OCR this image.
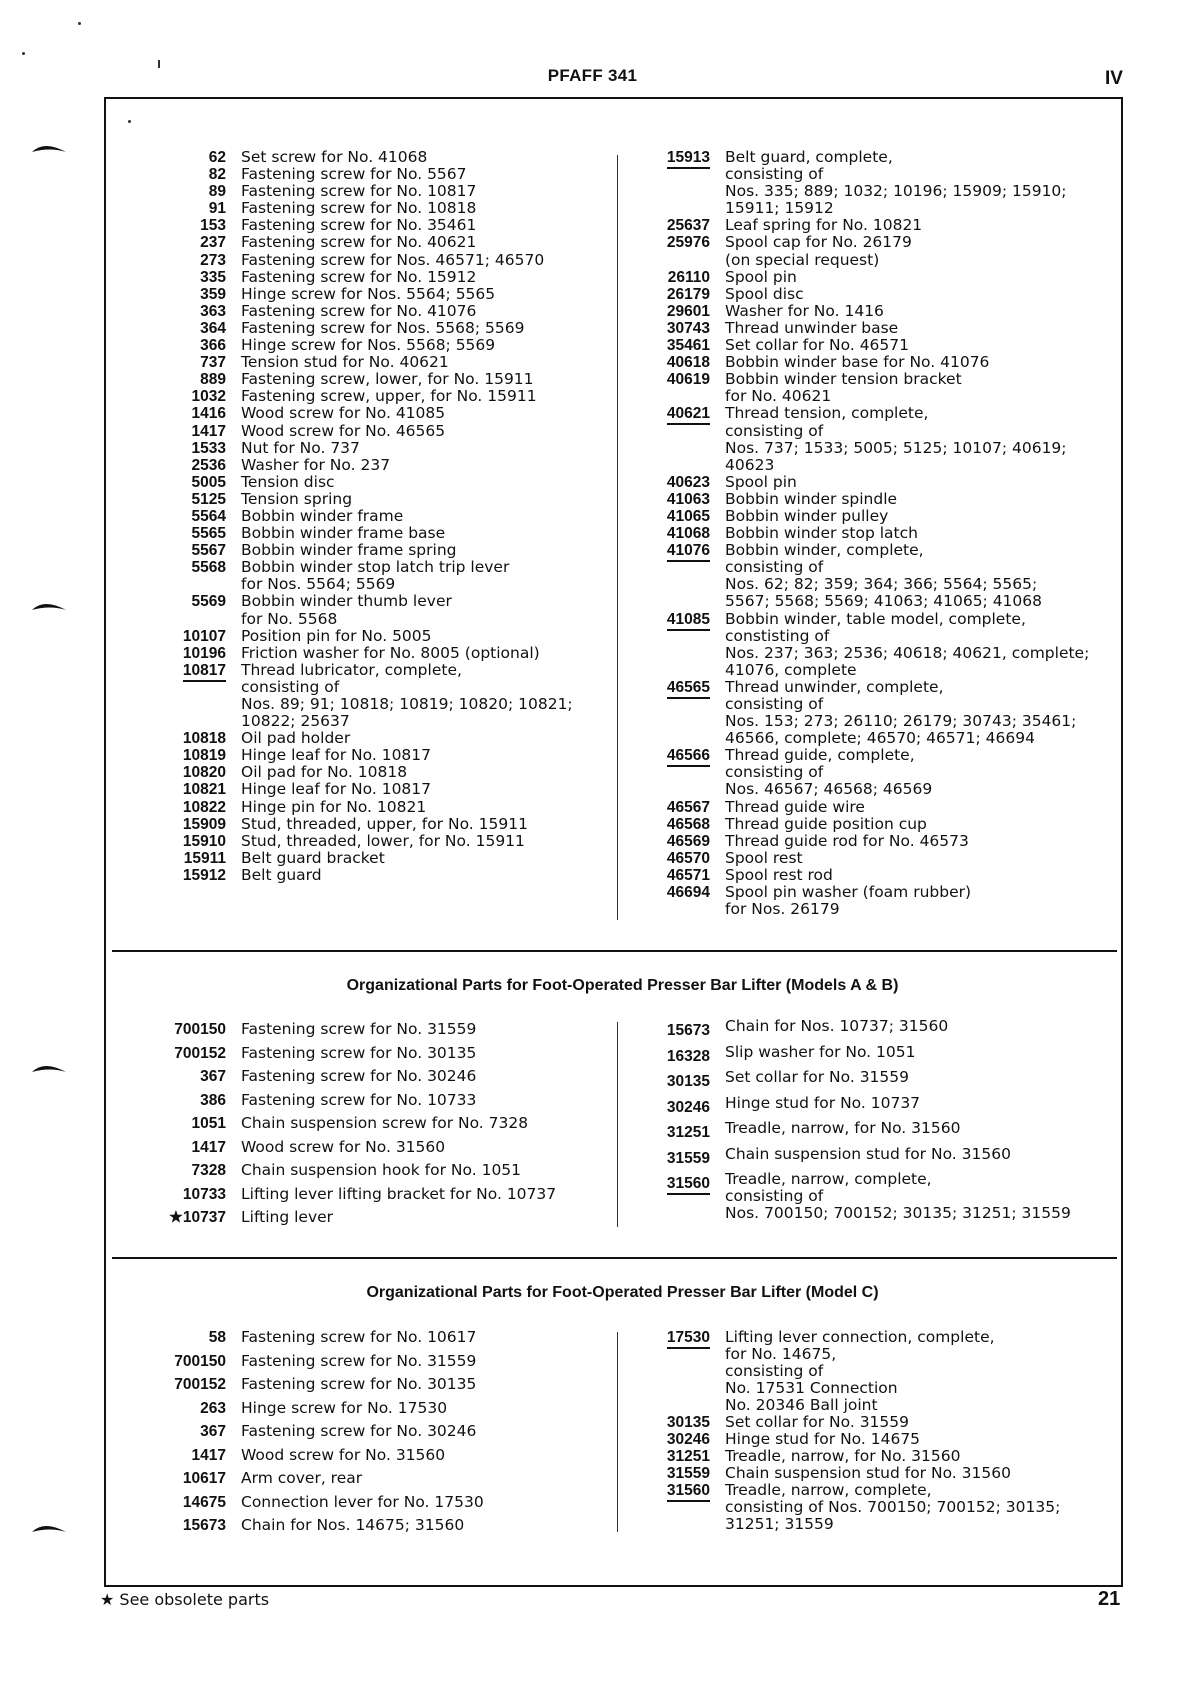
PFAFF 341	IV
62 Set screw for No. 41068
82 Fastening screw for No. 5567
89 Fastening screw for No. 10817
91 Fastening screw for No. 10818
153 Fastening screw for No. 35461
237 Fastening screw for No. 40621
273 Fastening screw for Nos. 46571; 46570
335 Fastening screw for No. 15912
359 Hinge screw for Nos. 5564; 5565
363 Fastening screw for No. 41076
364 Fastening screw for Nos. 5568; 5569
366 Hinge screw for Nos. 5568; 5569
737 Tension stud for No. 40621
889 Fastening screw, lower, for No. 15911
1032 Fastening screw, upper, for No. 15911
1416 Wood screw for No. 41085
1417 Wood screw for No. 46565
1533 Nut for No. 737
2536 Washer for No. 237
5005 Tension disc
5125 Tension spring
5564 Bobbin winder frame
5565 Bobbin winder frame base
5567 Bobbin winder frame spring
5568 Bobbin winder stop latch trip lever
for Nos. 5564; 5569
5569 Bobbin winder thumb lever
for No. 5568
10107 Position pin for No. 5005
10196 Friction washer for No. 8005 (optional)
10817 Thread lubricator, complete,
consisting of
Nos. 89; 91; 10818; 10819; 10820; 10821;
10822; 25637
10818 Oil pad holder
10819 Hinge leaf for No. 10817
10820 Oil pad for No. 10818
10821 Hinge leaf for No. 10817
10822 Hinge pin for No. 10821
15909 Stud, threaded, upper, for No. 15911
15910 Stud, threaded, lower, for No. 15911
15911 Belt guard bracket
15912 Belt guard
15913 Belt guard, complete,
consisting of
Nos. 335; 889; 1032; 10196; 15909; 15910;
15911; 15912
25637 Leaf spring for No. 10821
25976 Spool cap for No. 26179
(on special request)
26110 Spool pin
26179 Spool disc
29601 Washer for No. 1416
30743 Thread unwinder base
35461 Set collar for No. 46571
40618 Bobbin winder base for No. 41076
40619 Bobbin winder tension bracket
for No. 40621
40621 Thread tension, complete,
consisting of
Nos. 737; 1533; 5005; 5125; 10107; 40619;
40623
40623 Spool pin
41063 Bobbin winder spindle
41065 Bobbin winder pulley
41068 Bobbin winder stop latch
41076 Bobbin winder, complete,
consisting of
Nos. 62; 82; 359; 364; 366; 5564; 5565;
5567; 5568; 5569; 41063; 41065; 41068
41085 Bobbin winder, table model, complete,
constisting of
Nos. 237; 363; 2536; 40618; 40621, complete;
41076, complete
46565 Thread unwinder, complete,
consisting of
Nos. 153; 273; 26110; 26179; 30743; 35461;
46566, complete; 46570; 46571; 46694
46566 Thread guide, complete,
consisting of
Nos. 46567; 46568; 46569
46567 Thread guide wire
46568 Thread guide position cup
46569 Thread guide rod for No. 46573
46570 Spool rest
46571 Spool rest rod
46694 Spool pin washer (foam rubber)
for Nos. 26179
Organizational Parts for Foot-Operated Presser Bar Lifter (Models A & B)
700150 Fastening screw for No. 31559
700152 Fastening screw for No. 30135
367 Fastening screw for No. 30246
386 Fastening screw for No. 10733
1051 Chain suspension screw for No. 7328
1417 Wood screw for No. 31560
7328 Chain suspension hook for No. 1051
10733 Lifting lever lifting bracket for No. 10737
★10737 Lifting lever
15673 Chain for Nos. 10737; 31560
16328 Slip washer for No. 1051
30135 Set collar for No. 31559
30246 Hinge stud for No. 10737
31251 Treadle, narrow, for No. 31560
31559 Chain suspension stud for No. 31560
31560 Treadle, narrow, complete,
consisting of
Nos. 700150; 700152; 30135; 31251; 31559
Organizational Parts for Foot-Operated Presser Bar Lifter (Model C)
58 Fastening screw for No. 10617
700150 Fastening screw for No. 31559
700152 Fastening screw for No. 30135
263 Hinge screw for No. 17530
367 Fastening screw for No. 30246
1417 Wood screw for No. 31560
10617 Arm cover, rear
14675 Connection lever for No. 17530
15673 Chain for Nos. 14675; 31560
17530 Lifting lever connection, complete,
for No. 14675,
consisting of
No. 17531 Connection
No. 20346 Ball joint
30135 Set collar for No. 31559
30246 Hinge stud for No. 14675
31251 Treadle, narrow, for No. 31560
31559 Chain suspension stud for No. 31560
31560 Treadle, narrow, complete,
consisting of Nos. 700150; 700152; 30135;
31251; 31559
★ See obsolete parts	21
